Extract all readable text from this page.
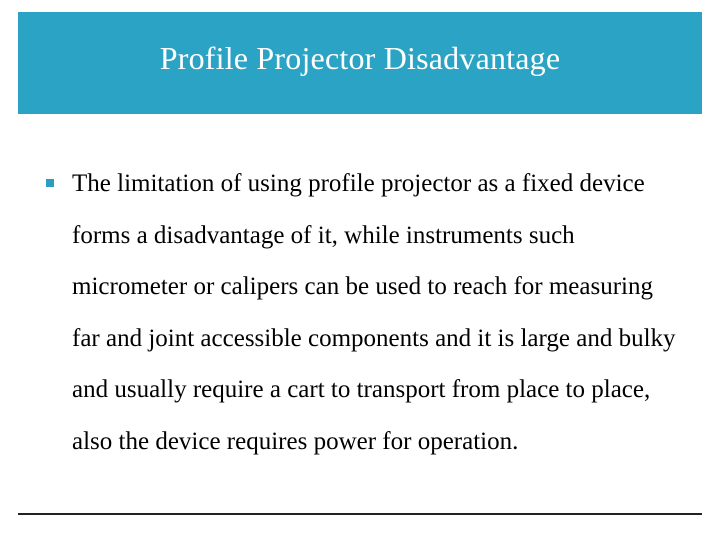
Profile Projector Disadvantage

The limitation of using profile projector as a fixed device forms a disadvantage of it, while instruments such micrometer or calipers can be used to reach for measuring far and joint accessible components and it is large and bulky and usually require a cart to transport from place to place, also the device requires power for operation.
